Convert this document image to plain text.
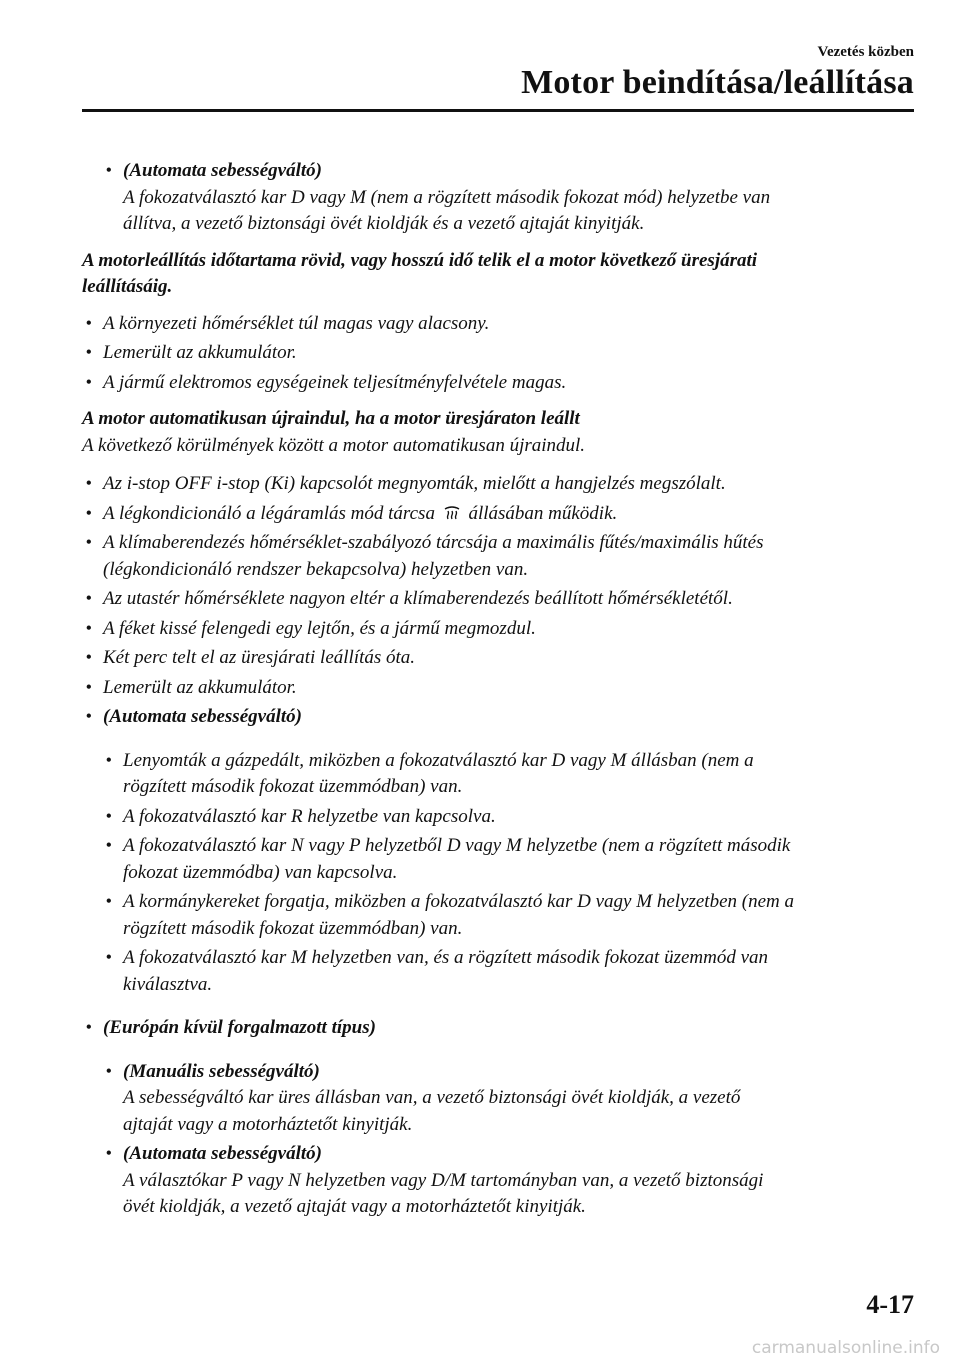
Vezetés közben
Motor beindítása/leállítása
• (Automata sebességváltó)
A fokozatválasztó kar D vagy M (nem a rögzített második fokozat mód) helyzetbe van
állítva, a vezető biztonsági övét kioldják és a vezető ajtaját kinyitják.
A motorleállítás időtartama rövid, vagy hosszú idő telik el a motor következő üresjárati
leállításáig.
• A környezeti hőmérséklet túl magas vagy alacsony.
• Lemerült az akkumulátor.
• A jármű elektromos egységeinek teljesítményfelvétele magas.
A motor automatikusan újraindul, ha a motor üresjáraton leállt
A következő körülmények között a motor automatikusan újraindul.
• Az i-stop OFF i-stop (Ki) kapcsolót megnyomták, mielőtt a hangjelzés megszólalt.
• A légkondicionáló a légáramlás mód tárcsa állásában működik.
• A klímaberendezés hőmérséklet-szabályozó tárcsája a maximális fűtés/maximális hűtés
(légkondicionáló rendszer bekapcsolva) helyzetben van.
• Az utastér hőmérséklete nagyon eltér a klímaberendezés beállított hőmérsékletétől.
• A féket kissé felengedi egy lejtőn, és a jármű megmozdul.
• Két perc telt el az üresjárati leállítás óta.
• Lemerült az akkumulátor.
• (Automata sebességváltó)
• Lenyomták a gázpedált, miközben a fokozatválasztó kar D vagy M állásban (nem a
rögzített második fokozat üzemmódban) van.
• A fokozatválasztó kar R helyzetbe van kapcsolva.
• A fokozatválasztó kar N vagy P helyzetből D vagy M helyzetbe (nem a rögzített második
fokozat üzemmódba) van kapcsolva.
• A kormánykereket forgatja, miközben a fokozatválasztó kar D vagy M helyzetben (nem a
rögzített második fokozat üzemmódban) van.
• A fokozatválasztó kar M helyzetben van, és a rögzített második fokozat üzemmód van
kiválasztva.
• (Európán kívül forgalmazott típus)
• (Manuális sebességváltó)
A sebességváltó kar üres állásban van, a vezető biztonsági övét kioldják, a vezető
ajtaját vagy a motorháztetőt kinyitják.
• (Automata sebességváltó)
A választókar P vagy N helyzetben vagy D/M tartományban van, a vezető biztonsági
övét kioldják, a vezető ajtaját vagy a motorháztetőt kinyitják.
4-17
carmanualsonline.info
